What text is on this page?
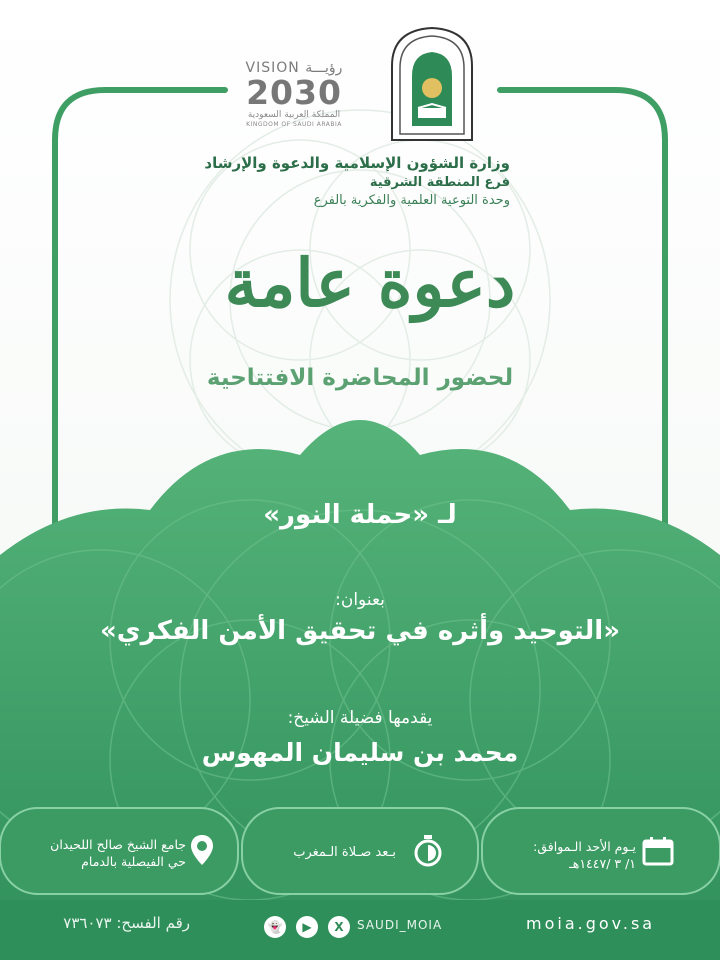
VISION رؤيـــة
2030
المملكة العربية السعودية
KINGDOM OF SAUDI ARABIA
وزارة الشؤون الإسلامية والدعوة والإرشاد
فرع المنطقة الشرقية
وحدة التوعية العلمية والفكرية بالفرع
دعوة عامة
لحضور المحاضرة الافتتاحية
لـ «حملة النور»
بعنوان:
«التوحيد وأثره في تحقيق الأمن الفكري»
يقدمها فضيلة الشيخ:
محمد بن سليمان المهوس
جامع الشيخ صالح اللحيدان
حي الفيصلية بالدمام
بـعد صـلاة الـمغرب	يـوم الأحد الـموافق:
١/ ٣ /١٤٤٧هـ
رقم الفسح: ٧٣٦٠٧٣	👻	▶	X	SAUDI_MOIA	moia.gov.sa
